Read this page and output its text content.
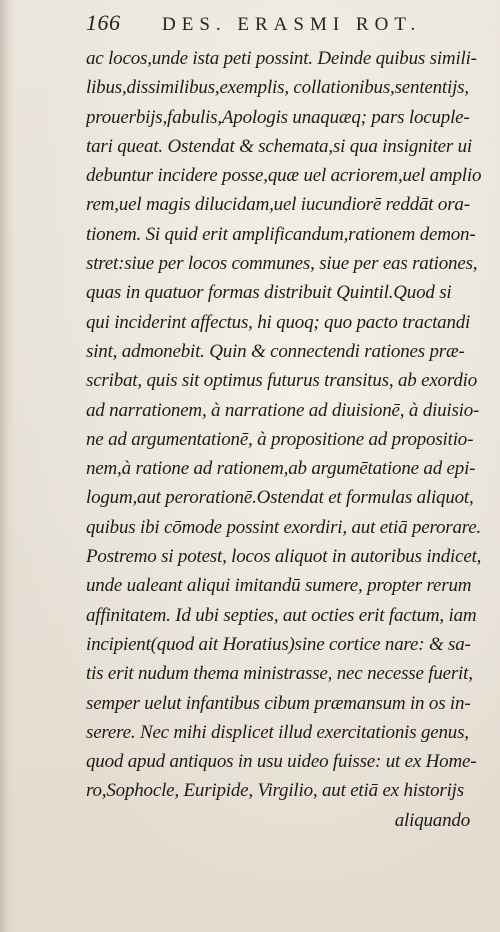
166	DES. ERASMI ROT.
ac locos,unde ista peti possint. Deinde quibus simili-
libus,dissimilibus,exemplis, collationibus,sententijs,
prouerbijs,fabulis,Apologis unaquæq; pars locuple-
tari queat. Ostendat & schemata,si qua insigniter ui
debuntur incidere posse,quæ uel acriorem,uel amplio
rem,uel magis dilucidam,uel iucundiorē reddāt ora-
tionem. Si quid erit amplificandum,rationem demon-
stret:siue per locos communes, siue per eas rationes,
quas in quatuor formas distribuit Quintil.Quod si
qui inciderint affectus, hi quoq; quo pacto tractandi
sint, admonebit. Quin & connectendi rationes præ-
scribat, quis sit optimus futurus transitus, ab exordio
ad narrationem, à narratione ad diuisionē, à diuisio-
ne ad argumentationē, à propositione ad propositio-
nem,à ratione ad rationem,ab argumētatione ad epi-
logum,aut perorationē.Ostendat et formulas aliquot,
quibus ibi cōmode possint exordiri, aut etiā perorare.
Postremo si potest, locos aliquot in autoribus indicet,
unde ualeant aliqui imitandū sumere, propter rerum
affinitatem. Id ubi septies, aut octies erit factum, iam
incipient(quod ait Horatius)sine cortice nare: & sa-
tis erit nudum thema ministrasse, nec necesse fuerit,
semper uelut infantibus cibum præmansum in os in-
serere. Nec mihi displicet illud exercitationis genus,
quod apud antiquos in usu uideo fuisse: ut ex Home-
ro,Sophocle, Euripide, Virgilio, aut etiā ex historijs
aliquando
